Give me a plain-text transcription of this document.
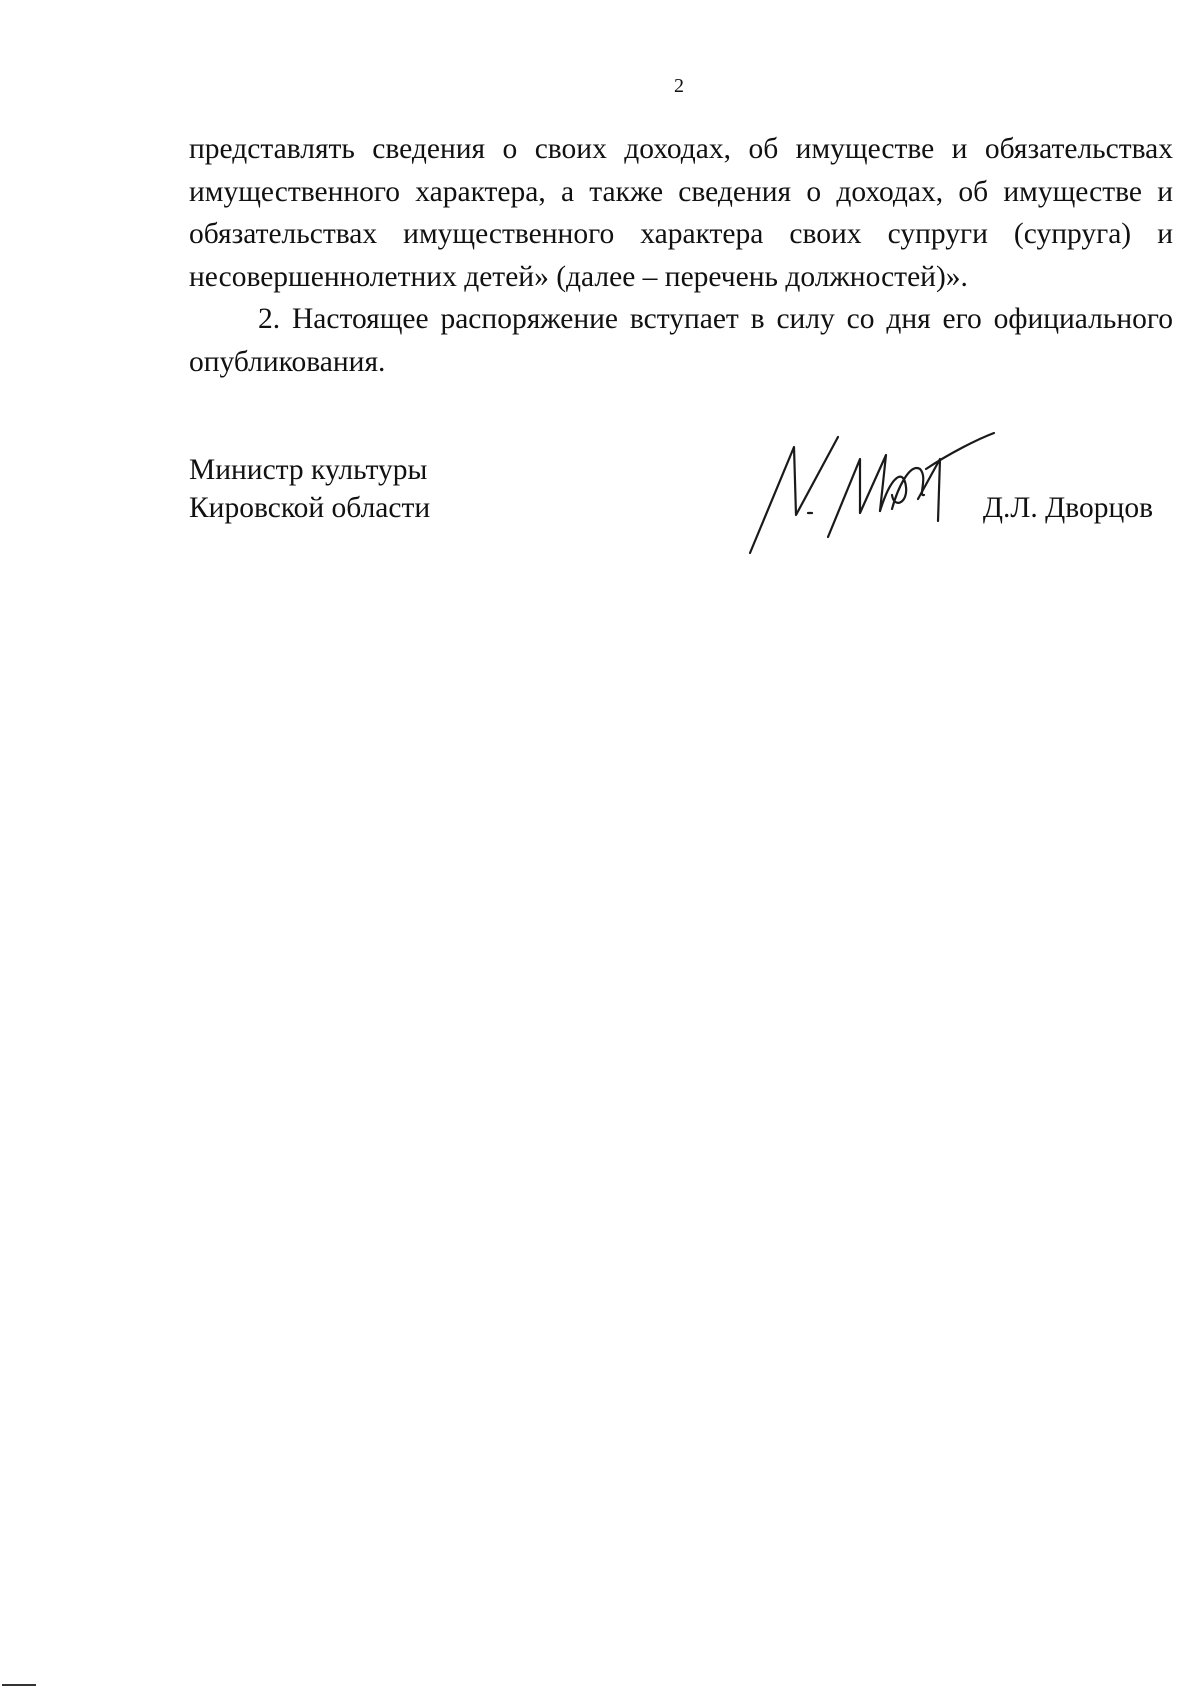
2

представлять сведения о своих доходах, об имуществе и обязательствах имущественного характера, а также сведения о доходах, об имуществе и обязательствах имущественного характера своих супруги (супруга) и несовершеннолетних детей» (далее – перечень должностей)».

2. Настоящее распоряжение вступает в силу со дня его официального опубликования.

Министр культуры
Кировской области	Д.Л. Дворцов
